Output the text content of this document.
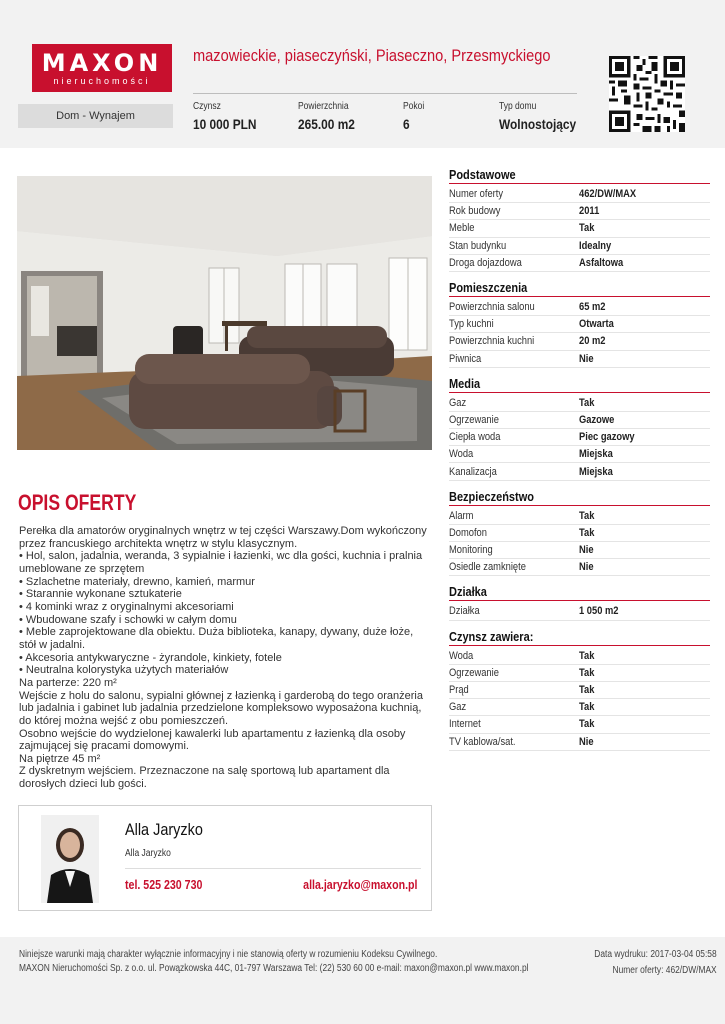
MAXON
nieruchomości
mazowieckie, piaseczyński, Piaseczno, Przesmyckiego
Dom - Wynajem
Czynsz
10 000 PLN
Powierzchnia
265.00 m2
Pokoi
6
Typ domu
Wolnostojący
Podstawowe
Numer oferty	462/DW/MAX
Rok budowy	2011
Meble	Tak
Stan budynku	Idealny
Droga dojazdowa	Asfaltowa
Pomieszczenia
Powierzchnia salonu	65 m2
Typ kuchni	Otwarta
Powierzchnia kuchni	20 m2
Piwnica	Nie
Media
Gaz	Tak
Ogrzewanie	Gazowe
Ciepła woda	Piec gazowy
Woda	Miejska
Kanalizacja	Miejska
Bezpieczeństwo
Alarm	Tak
Domofon	Tak
Monitoring	Nie
Osiedle zamknięte	Nie
Działka
Działka	1 050 m2
Czynsz zawiera:
Woda	Tak
Ogrzewanie	Tak
Prąd	Tak
Gaz	Tak
Internet	Tak
TV kablowa/sat.	Nie
OPIS OFERTY
Perełka dla amatorów oryginalnych wnętrz w tej części Warszawy.Dom wykończony
przez francuskiego architekta wnętrz w stylu klasycznym.
• Hol, salon, jadalnia, weranda, 3 sypialnie i łazienki, wc dla gości, kuchnia i pralnia
umeblowane ze sprzętem
• Szlachetne materiały, drewno, kamień, marmur
• Starannie wykonane sztukaterie
• 4 kominki wraz z oryginalnymi akcesoriami
• Wbudowane szafy i schowki w całym domu
• Meble zaprojektowane dla obiektu. Duża biblioteka, kanapy, dywany, duże łoże,
stół w jadalni.
• Akcesoria antykwaryczne - żyrandole, kinkiety, fotele
• Neutralna kolorystyka użytych materiałów
Na parterze: 220 m²
Wejście z holu do salonu, sypialni głównej z łazienką i garderobą do tego oranżeria
lub jadalnia i gabinet lub jadalnia przedzielone kompleksowo wyposażona kuchnią,
do której można wejść z obu pomieszczeń.
Osobno wejście do wydzielonej kawalerki lub apartamentu z łazienką dla osoby
zajmującej się pracami domowymi.
Na piętrze 45 m²
Z dyskretnym wejściem. Przeznaczone na salę sportową lub apartament dla
dorosłych dzieci lub gości.
Alla Jaryzko
Alla Jaryzko
tel. 525 230 730	alla.jaryzko@maxon.pl
Niniejsze warunki mają charakter wyłącznie informacyjny i nie stanowią oferty w rozumieniu Kodeksu Cywilnego.
MAXON Nieruchomości Sp. z o.o. ul. Powązkowska 44C, 01-797 Warszawa Tel: (22) 530 60 00 e-mail: maxon@maxon.pl www.maxon.pl
Data wydruku: 2017-03-04 05:58
Numer oferty: 462/DW/MAX
